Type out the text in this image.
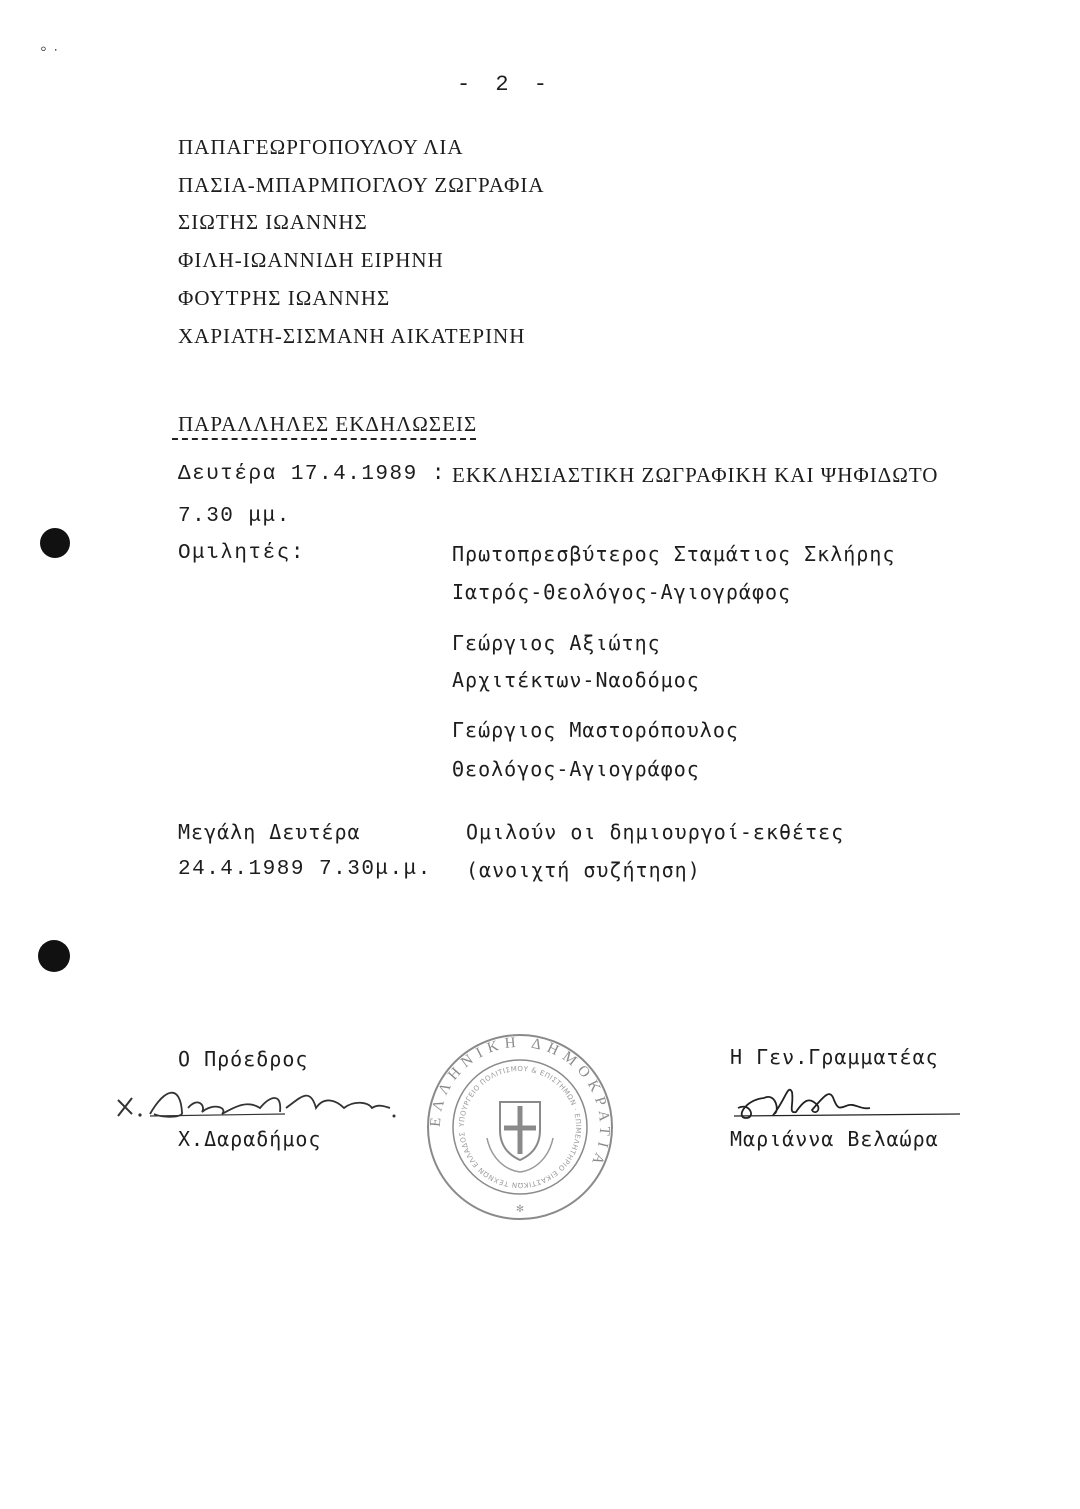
⸰ ‧
- 2 -
ΠΑΠΑΓΕΩΡΓΟΠΟΥΛΟΥ ΛΙΑ
ΠΑΣΙΑ-ΜΠΑΡΜΠΟΓΛΟΥ ΖΩΓΡΑΦΙΑ
ΣΙΩΤΗΣ ΙΩΑΝΝΗΣ
ΦΙΛΗ-ΙΩΑΝΝΙΔΗ ΕΙΡΗΝΗ
ΦΟΥΤΡΗΣ ΙΩΑΝΝΗΣ
ΧΑΡΙΑΤΗ-ΣΙΣΜΑΝΗ ΑΙΚΑΤΕΡΙΝΗ
ΠΑΡΑΛΛΗΛΕΣ ΕΚΔΗΛΩΣΕΙΣ
Δευτέρα 17.4.1989 : ΕΚΚΛΗΣΙΑΣΤΙΚΗ ΖΩΓΡΑΦΙΚΗ ΚΑΙ ΨΗΦΙΔΩΤΟ
7.30 μμ.
Ομιλητές:	Πρωτοπρεσβύτερος Σταμάτιος Σκλήρης
Ιατρός-Θεολόγος-Αγιογράφος
Γεώργιος Αξιώτης
Αρχιτέκτων-Ναοδόμος
Γεώργιος Μαστορόπουλος
Θεολόγος-Αγιογράφος
Μεγάλη Δευτέρα	Ομιλούν οι δημιουργοί-εκθέτες
24.4.1989 7.30μ.μ. (ανοιχτή συζήτηση)
Ο Πρόεδρος
Χ.Δαραδήμος
Η Γεν.Γραμματέας
Μαριάννα Βελαώρα
ΕΛΛΗΝΙΚΗ ΔΗΜΟΚΡΑΤΙΑ
ΥΠΟΥΡΓΕΙΟ ΠΟΛΙΤΙΣΜΟΥ & ΕΠΙΣΤΗΜΩΝ · ΕΠΙΜΕΛΗΤΗΡΙΟ ΕΙΚΑΣΤΙΚΩΝ ΤΕΧΝΩΝ ΕΛΛΑΔΟΣ
✻
